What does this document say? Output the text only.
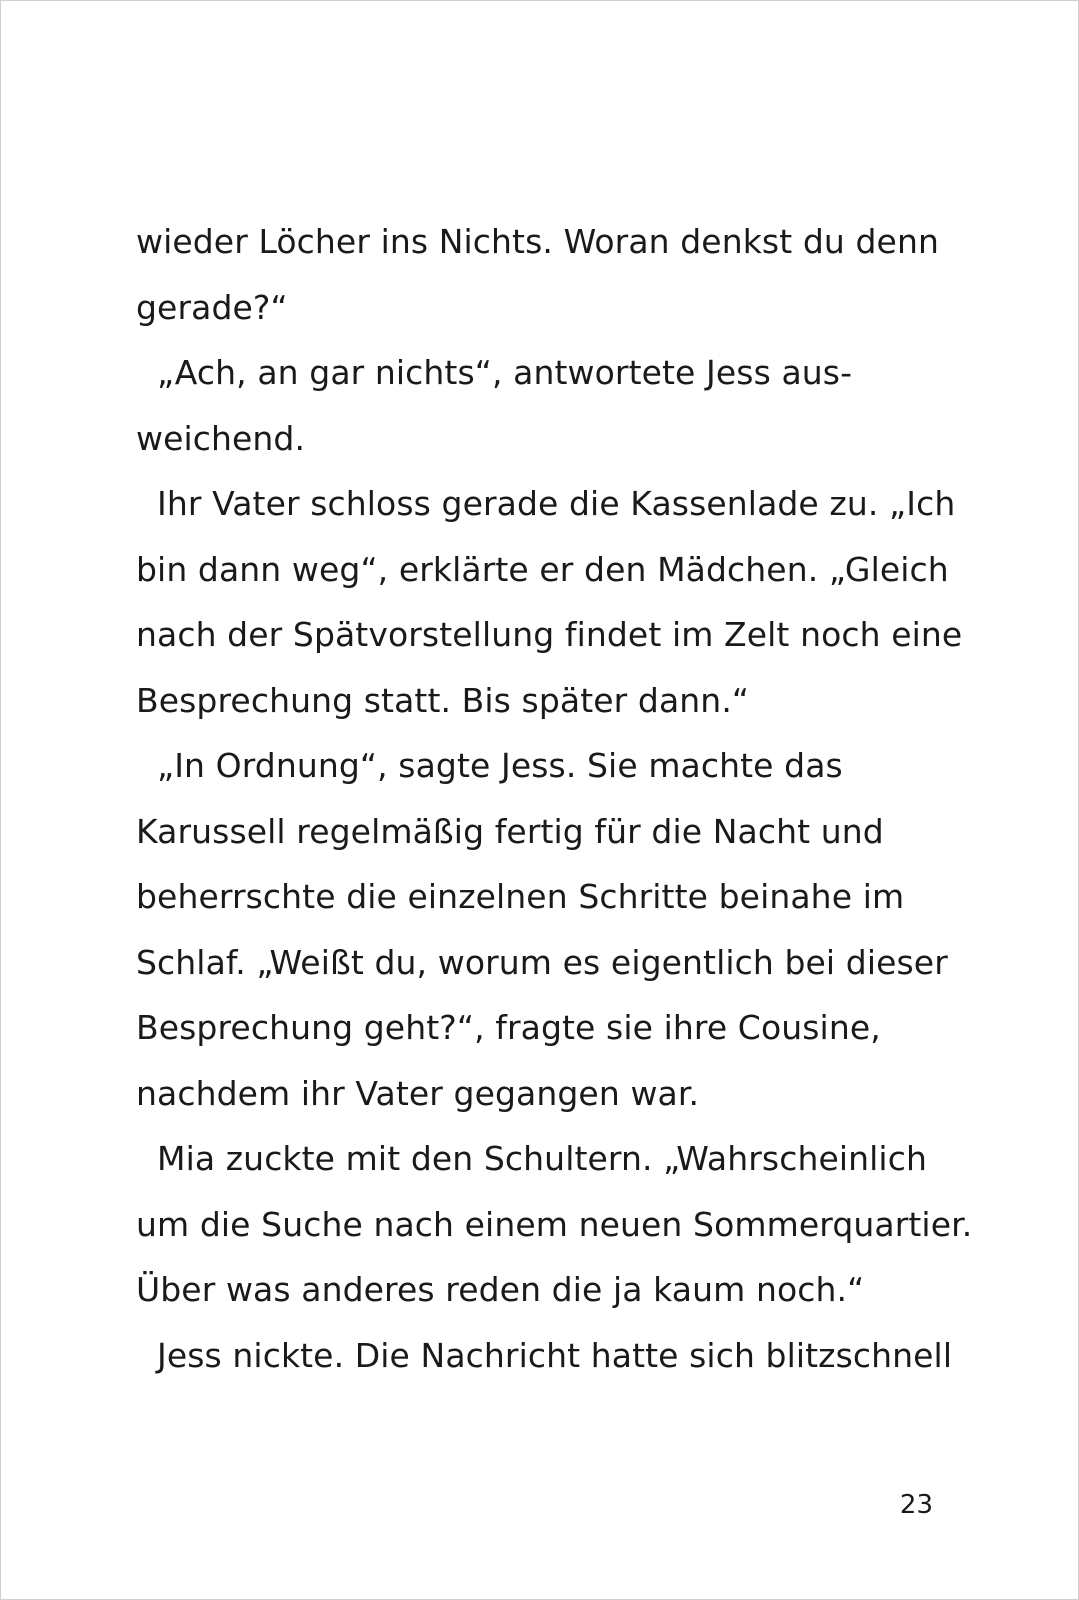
wieder Löcher ins Nichts. Woran denkst du denn
gerade?“
„Ach, an gar nichts“, antwortete Jess aus-
weichend.
Ihr Vater schloss gerade die Kassenlade zu. „Ich
bin dann weg“, erklärte er den Mädchen. „Gleich
nach der Spätvorstellung findet im Zelt noch eine
Besprechung statt. Bis später dann.“
„In Ordnung“, sagte Jess. Sie machte das
Karussell regelmäßig fertig für die Nacht und
beherrschte die einzelnen Schritte beinahe im
Schlaf. „Weißt du, worum es eigentlich bei dieser
Besprechung geht?“, fragte sie ihre Cousine,
nachdem ihr Vater gegangen war.
Mia zuckte mit den Schultern. „Wahrscheinlich
um die Suche nach einem neuen Sommerquartier.
Über was anderes reden die ja kaum noch.“
Jess nickte. Die Nachricht hatte sich blitzschnell
23
